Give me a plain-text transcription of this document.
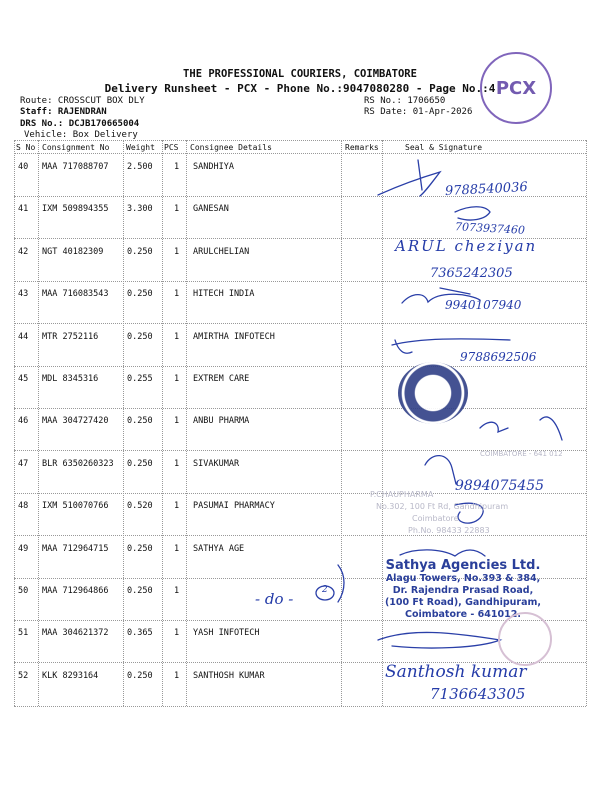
THE PROFESSIONAL COURIERS, COIMBATORE
Delivery Runsheet - PCX - Phone No.:9047080280 - Page No.:4 PCX
Route: CROSSCUT BOX DLY
Staff: RAJENDRAN
DRS No.: DCJB170665004
Vehicle: Box Delivery
RS No.: 1706650
RS Date: 01-Apr-2026
S No Consignment No Weight PCS Consignee Details	Remarks	Seal & Signature
40 MAA 717088707 2.500	1 SANDHIYA
41 IXM 509894355 3.300	1 GANESAN
42 NGT 40182309	0.250	1 ARULCHELIAN
43 MAA 716083543 0.250	1 HITECH INDIA
44 MTR 2752116	0.250	1 AMIRTHA INFOTECH
45 MDL 8345316	0.255	1 EXTREM CARE
46 MAA 304727420 0.250	1 ANBU PHARMA
47 BLR 6350260323 0.250	1 SIVAKUMAR
48 IXM 510070766 0.520	1 PASUMAI PHARMACY
49 MAA 712964715 0.250	1 SATHYA AGE
50 MAA 712964866 0.250	1
51 MAA 304621372 0.365	1 YASH INFOTECH
52 KLK 8293164	0.250	1 SANTHOSH KUMAR
9788540036
7073937460
ARUL cheziyan
7365242305
9940107940
9788692506
9894075455
- do -	2
Santhosh kumar
7136643305
P.CHAUPHARMA
No.302, 100 Ft Rd, Gandhipuram
Coimbatore
Ph.No. 98433 22883
COIMBATORE - 641 012
Sathya Agencies Ltd.
Alagu Towers, No.393 & 384,
Dr. Rajendra Prasad Road,
(100 Ft Road), Gandhipuram,
Coimbatore - 641012.
